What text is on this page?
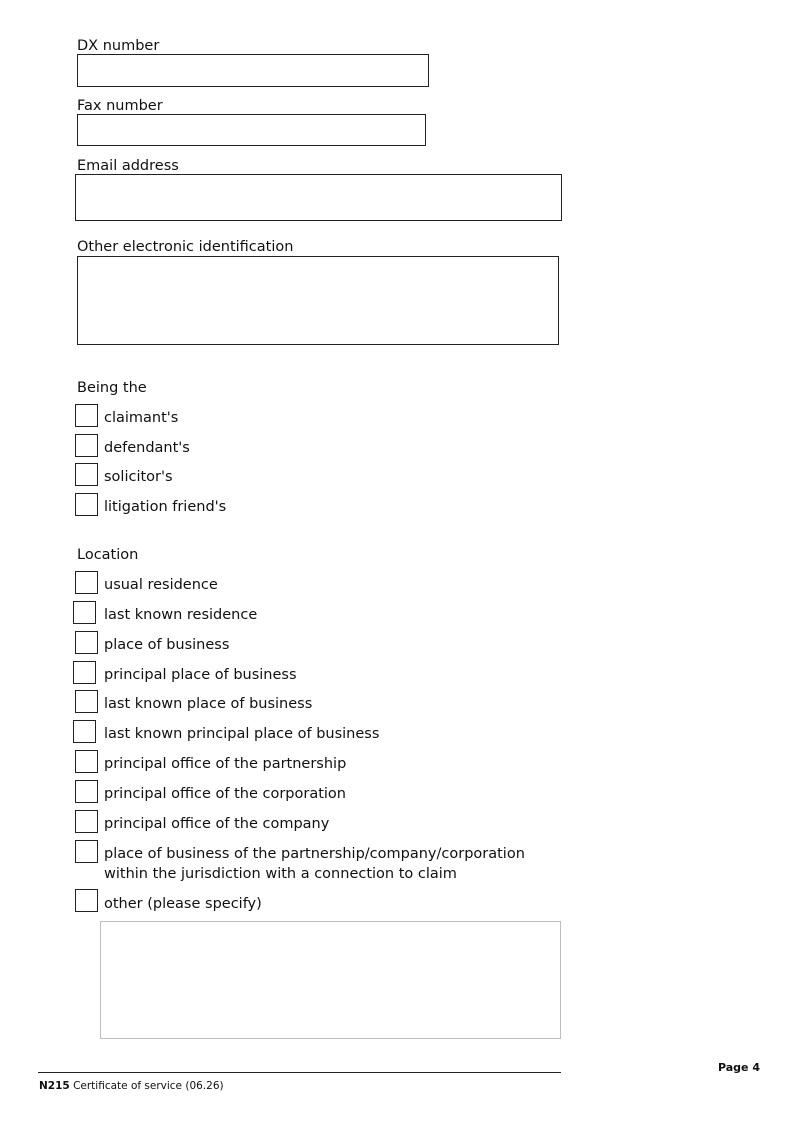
DX number
Fax number
Email address
Other electronic identification
Being the
claimant's
defendant's
solicitor's
litigation friend's
Location
usual residence
last known residence
place of business
principal place of business
last known place of business
last known principal place of business
principal office of the partnership
principal office of the corporation
principal office of the company
place of business of the partnership/company/corporation
within the jurisdiction with a connection to claim
other (please specify)
N215 Certificate of service (06.26)
Page 4
